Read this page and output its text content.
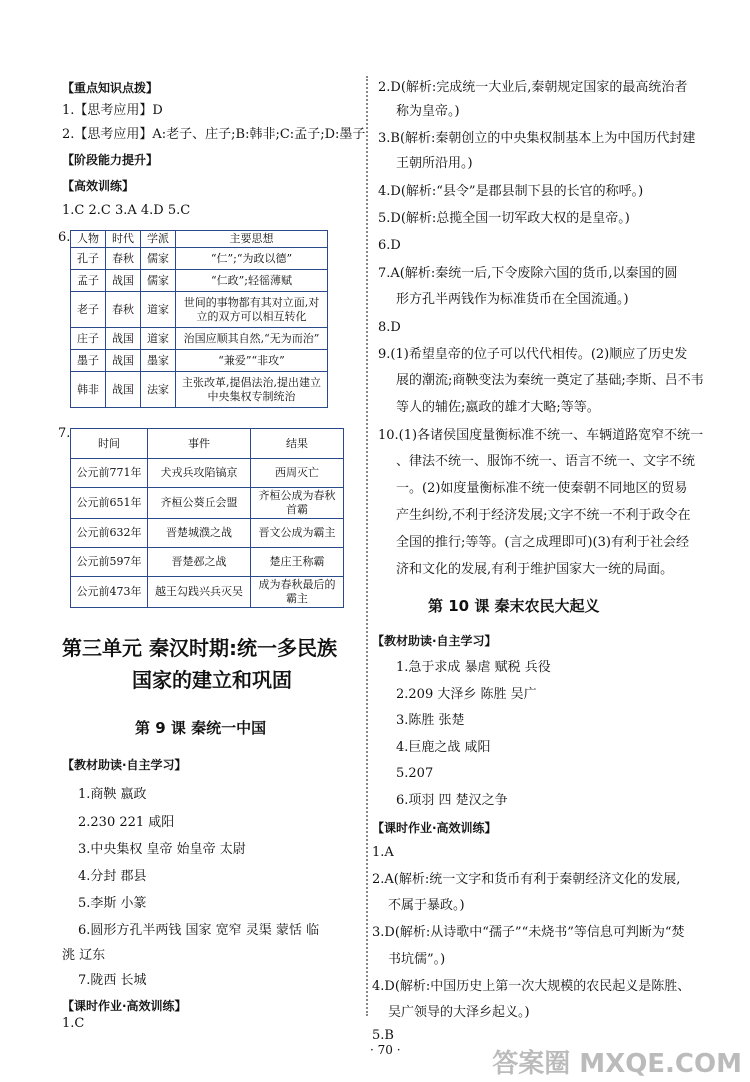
【重点知识点拨】
1.【思考应用】D
2.【思考应用】A:老子、庄子;B:韩非;C:孟子;D:墨子
【阶段能力提升】
【高效训练】
1.C 2.C 3.A 4.D 5.C
6. 人物	时代	学派	主要思想
孔子	春秋	儒家	“仁”;“为政以德”
孟子	战国	儒家	“仁政”;轻徭薄赋
老子	春秋	道家	世间的事物都有其对立面,对立的双方可以相互转化
庄子	战国	道家	治国应顺其自然,“无为而治”
墨子	战国	墨家	“兼爱”“非攻”
韩非	战国	法家	主张改革,提倡法治,提出建立中央集权专制统治
7.
时间	事件	结果
公元前771年	犬戎兵攻陷镐京	西周灭亡
公元前651年	齐桓公葵丘会盟	齐桓公成为春秋首霸
公元前632年	晋楚城濮之战	晋文公成为霸主
公元前597年	晋楚邲之战	楚庄王称霸
公元前473年	越王勾践兴兵灭吴	成为春秋最后的霸主
第三单元 秦汉时期:统一多民族
国家的建立和巩固
第 9 课 秦统一中国
【教材助读·自主学习】
1.商鞅 嬴政
2.230 221 咸阳
3.中央集权 皇帝 始皇帝 太尉
4.分封 郡县
5.李斯 小篆
6.圆形方孔半两钱 国家 宽窄 灵渠 蒙恬 临
洮 辽东
7.陇西 长城
【课时作业·高效训练】
1.C
2.D(解析:完成统一大业后,秦朝规定国家的最高统治者
称为皇帝。)
3.B(解析:秦朝创立的中央集权制基本上为中国历代封建
王朝所沿用。)
4.D(解析:“县令”是郡县制下县的长官的称呼。)
5.D(解析:总揽全国一切军政大权的是皇帝。)
6.D
7.A(解析:秦统一后,下令废除六国的货币,以秦国的圆
形方孔半两钱作为标准货币在全国流通。)
8.D
9.(1)希望皇帝的位子可以代代相传。(2)顺应了历史发
展的潮流;商鞅变法为秦统一奠定了基础;李斯、吕不韦
等人的辅佐;嬴政的雄才大略;等等。
10.(1)各诸侯国度量衡标准不统一、车辆道路宽窄不统一
、律法不统一、服饰不统一、语言不统一、文字不统
一。(2)如度量衡标准不统一使秦朝不同地区的贸易
产生纠纷,不利于经济发展;文字不统一不利于政令在
全国的推行;等等。(言之成理即可)(3)有利于社会经
济和文化的发展,有利于维护国家大一统的局面。
第 10 课 秦末农民大起义
【教材助读·自主学习】
1.急于求成 暴虐 赋税 兵役
2.209 大泽乡 陈胜 吴广
3.陈胜 张楚
4.巨鹿之战 咸阳
5.207
6.项羽 四 楚汉之争
【课时作业·高效训练】
1.A
2.A(解析:统一文字和货币有利于秦朝经济文化的发展,
不属于暴政。)
3.D(解析:从诗歌中“孺子”“未烧书”等信息可判断为“焚
书坑儒”。)
4.D(解析:中国历史上第一次大规模的农民起义是陈胜、
吴广领导的大泽乡起义。)
5.B
· 70 ·	答案圈 MXQE.COM
